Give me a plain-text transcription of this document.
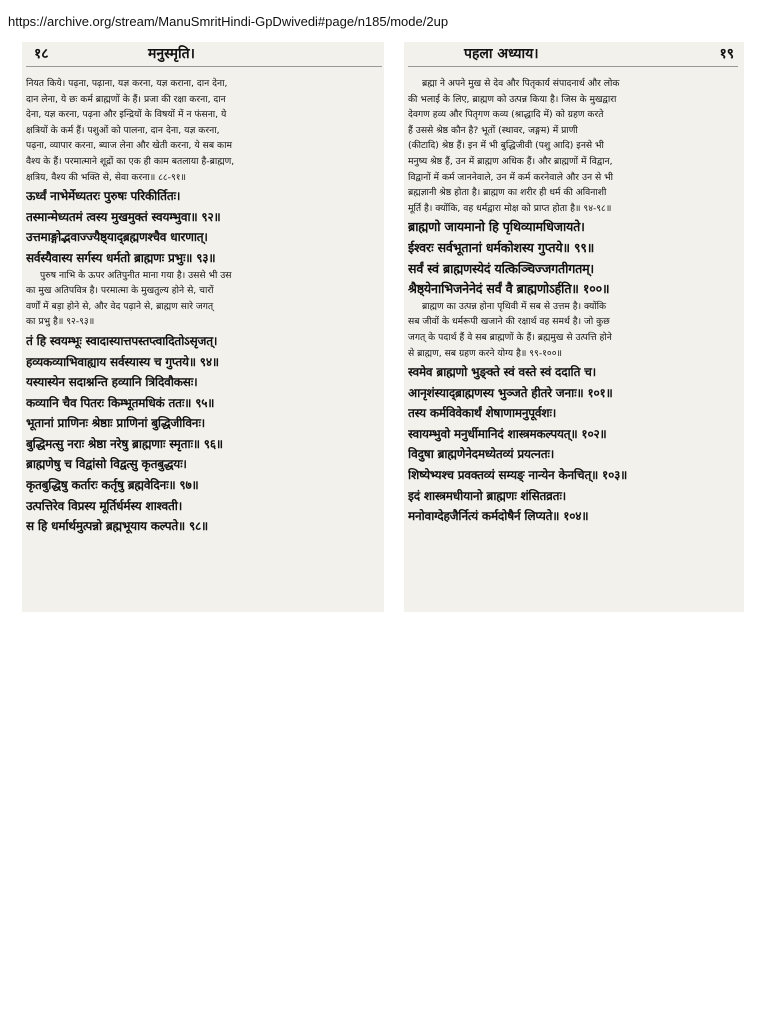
https://archive.org/stream/ManuSmritHindi-GpDwivedi#page/n185/mode/2up
१८	मनुस्मृति।

नियत किये। पढ़ना, पढ़ाना, यज्ञ करना, यज्ञ कराना, दान देना,

दान लेना, ये छः कर्म ब्राह्मणों के हैं। प्रजा की रक्षा करना, दान

देना, यज्ञ करना, पढ़ना और इन्द्रियों के विषयों में न फंसना, ये

क्षत्रियों के कर्म हैं। पशुओं को पालना, दान देना, यज्ञ करना,

पढ़ना, व्यापार करना, ब्याज लेना और खेती करना, ये सब काम

वैश्य के हैं। परमात्माने शूद्रों का एक ही काम बतलाया है-ब्राह्मण,

क्षत्रिय, वैश्य की भक्ति से, सेवा करना॥ ८८-९१॥

ऊर्ध्वं नाभेर्मेध्यतरः पुरुषः परिकीर्तितः।

तस्मान्मेध्यतमं त्वस्य मुखमुक्तं स्वयम्भुवा॥ ९२॥

उत्तमाङ्गोद्भवाज्ज्यैष्ठ्याद्ब्रह्मणश्चैव धारणात्।

सर्वस्यैवास्य सर्गस्य धर्मतो ब्राह्मणः प्रभुः॥ ९३॥

पुरुष नाभि के ऊपर अतिपुनीत माना गया है। उससे भी उस

का मुख अतिपवित्र है। परमात्मा के मुखतुल्य होने से, चारों

वर्णों में बड़ा होने से, और वेद पढ़ाने से, ब्राह्मण सारे जगत्

का प्रभु है॥ ९२-९३॥

तं हि स्वयम्भूः स्वादास्यात्तपस्तप्त्वादितोऽसृजत्।

हव्यकव्याभिवाह्याय सर्वस्यास्य च गुप्तये॥ ९४॥

यस्यास्येन सदाश्नन्ति हव्यानि त्रिदिवौकसः।

कव्यानि चैव पितरः किम्भूतमधिकं ततः॥ ९५॥

भूतानां प्राणिनः श्रेष्ठाः प्राणिनां बुद्धिजीविनः।

बुद्धिमत्सु नराः श्रेष्ठा नरेषु ब्राह्मणाः स्मृताः॥ ९६॥

ब्राह्मणेषु च विद्वांसो विद्वत्सु कृतबुद्धयः।

कृतबुद्धिषु कर्तारः कर्तृषु ब्रह्मवेदिनः॥ ९७॥

उत्पत्तिरेव विप्रस्य मूर्तिर्धर्मस्य शाश्वती।

स हि धर्मार्थमुत्पन्नो ब्रह्मभूयाय कल्पते॥ ९८॥

पहला अध्याय।	१९

ब्रह्मा ने अपने मुख से देव और पितृकार्य संपादनार्थ और लोक

की भलाई के लिए, ब्राह्मण को उत्पन्न किया है। जिस के मुखद्वारा

देवगण हव्य और पितृगण कव्य (श्राद्धादि में) को ग्रहण करते

हैं उससे श्रेष्ठ कौन है? भूतों (स्थावर, जङ्गम) में प्राणी

(कीटादि) श्रेष्ठ हैं। इन में भी बुद्धिजीवी (पशु आदि) इनसे भी

मनुष्य श्रेष्ठ हैं, उन में ब्राह्मण अधिक हैं। और ब्राह्मणों में विद्वान,

विद्वानों में कर्म जाननेवाले, उन में कर्म करनेवाले और उन से भी

ब्रह्मज्ञानी श्रेष्ठ होता है। ब्राह्मण का शरीर ही धर्म की अविनाशी

मूर्ति है। क्योंकि, वह धर्मद्वारा मोक्ष को प्राप्त होता है॥ ९४-९८॥

ब्राह्मणो जायमानो हि पृथिव्यामधिजायते।

ईश्वरः सर्वभूतानां धर्मकोशस्य गुप्तये॥ ९९॥

सर्वं स्वं ब्राह्मणस्येदं यत्किञ्चिज्जगतीगतम्।

श्रैष्ठ्येनाभिजनेनेदं सर्वं वै ब्राह्मणोऽर्हति॥ १००॥

ब्राह्मण का उत्पन्न होना पृथिवी में सब से उत्तम है। क्योंकि

सब जीवों के धर्मरूपी खजाने की रक्षार्थ वह समर्थ है। जो कुछ

जगत् के पदार्थ हैं वे सब ब्राह्मणों के हैं। ब्रह्ममुख से उत्पत्ति होने

से ब्राह्मण, सब ग्रहण करने योग्य है॥ ९९-१००॥

स्वमेव ब्राह्मणो भुङ्क्ते स्वं वस्ते स्वं ददाति च।

आनृशंस्याद्ब्राह्मणस्य भुञ्जते हीतरे जनाः॥ १०१॥

तस्य कर्मविवेकार्थं शेषाणामनुपूर्वशः।

स्वायम्भुवो मनुर्धीमानिदं शास्त्रमकल्पयत्॥ १०२॥

विदुषा ब्राह्मणेनेदमध्येतव्यं प्रयत्नतः।

शिष्येभ्यश्च प्रवक्तव्यं सम्यङ् नान्येन केनचित्॥ १०३॥

इदं शास्त्रमधीयानो ब्राह्मणः शंसितव्रतः।

मनोवाग्देहजैर्नित्यं कर्मदोषैर्न लिप्यते॥ १०४॥
